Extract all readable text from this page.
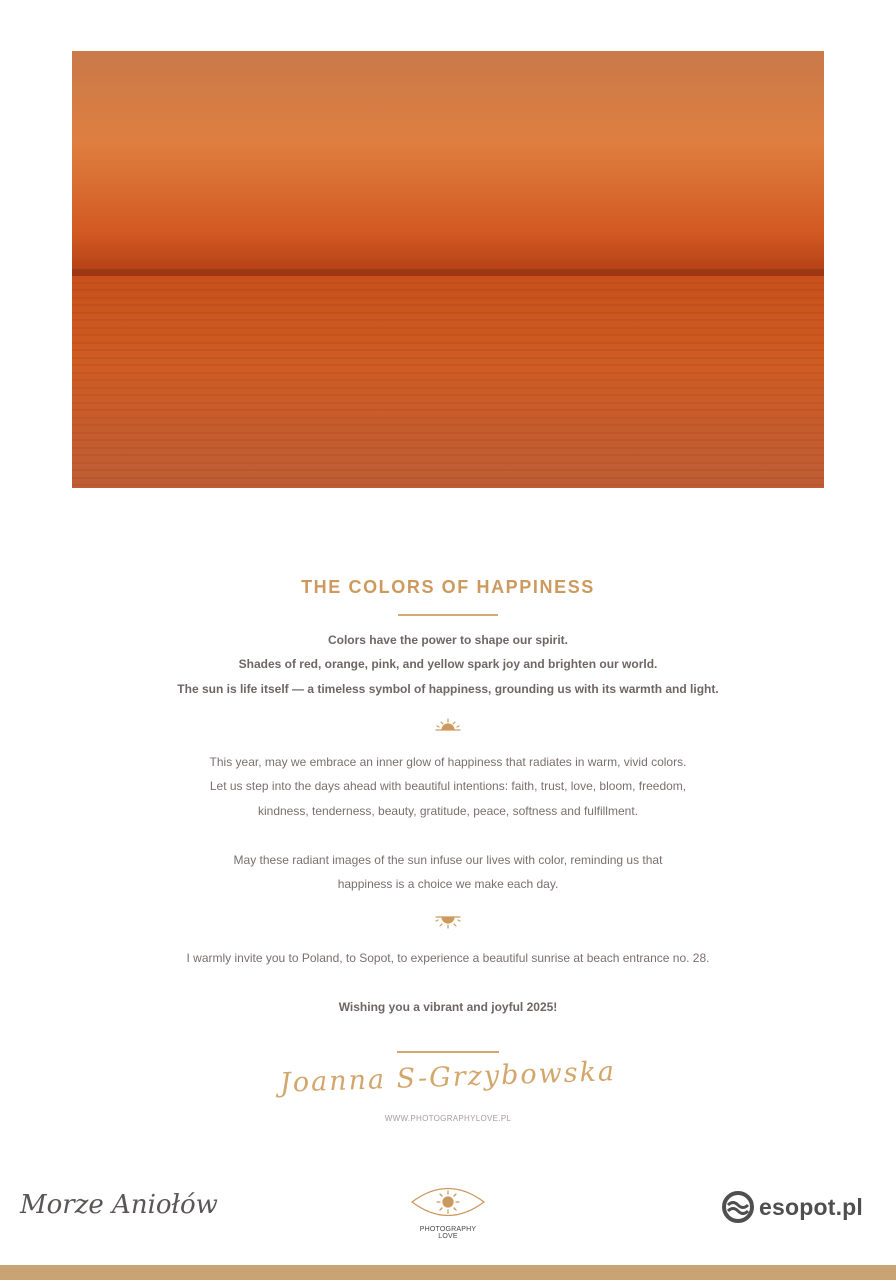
THE COLORS OF HAPPINESS
Colors have the power to shape our spirit.
Shades of red, orange, pink, and yellow spark joy and brighten our world.
The sun is life itself — a timeless symbol of happiness, grounding us with its warmth and light.
This year, may we embrace an inner glow of happiness that radiates in warm, vivid colors.
Let us step into the days ahead with beautiful intentions: faith, trust, love, bloom, freedom,
kindness, tenderness, beauty, gratitude, peace, softness and fulfillment.
May these radiant images of the sun infuse our lives with color, reminding us that
happiness is a choice we make each day.
I warmly invite you to Poland, to Sopot, to experience a beautiful sunrise at beach entrance no. 28.
Wishing you a vibrant and joyful 2025!
Joanna S-Grzybowska
WWW.PHOTOGRAPHYLOVE.PL
Morze Aniołów
PHOTOGRAPHY LOVE
esopot.pl
